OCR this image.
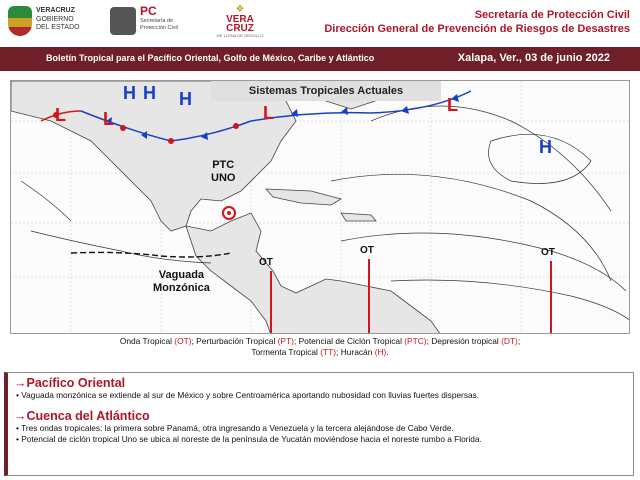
VERACRUZ
GOBIERNO
DEL ESTADO
PC
Secretaría de
Protección Civil
❖
VERA
CRUZ
ME LLENA DE ORGULLO
Secretaría de Protección Civil
Dirección General de Prevención de Riesgos de Desastres
Boletín Tropical para el Pacífico Oriental, Golfo de México, Caribe y Atlántico	Xalapa, Ver., 03 de junio 2022
Sistemas Tropicales Actuales
PTC
UNO
Vaguada
Monzónica
OT
OT	OT
H H H
H
L L	L	L
Onda Tropical (OT); Perturbación Tropical (PT); Potencial de Ciclón Tropical (PTC); Depresión tropical (DT);
Tormenta Tropical (TT); Huracán (H).
→Pacífico Oriental
• Vaguada monzónica se extiende al sur de México y sobre Centroamérica aportando nubosidad con lluvias fuertes dispersas.
→Cuenca del Atlántico
• Tres ondas tropicales: la primera sobre Panamá, otra ingresando a Venezuela y la tercera alejándose de Cabo Verde.
• Potencial de ciclón tropical Uno se ubica al noreste de la península de Yucatán moviéndose hacia el noreste rumbo a Florida.
